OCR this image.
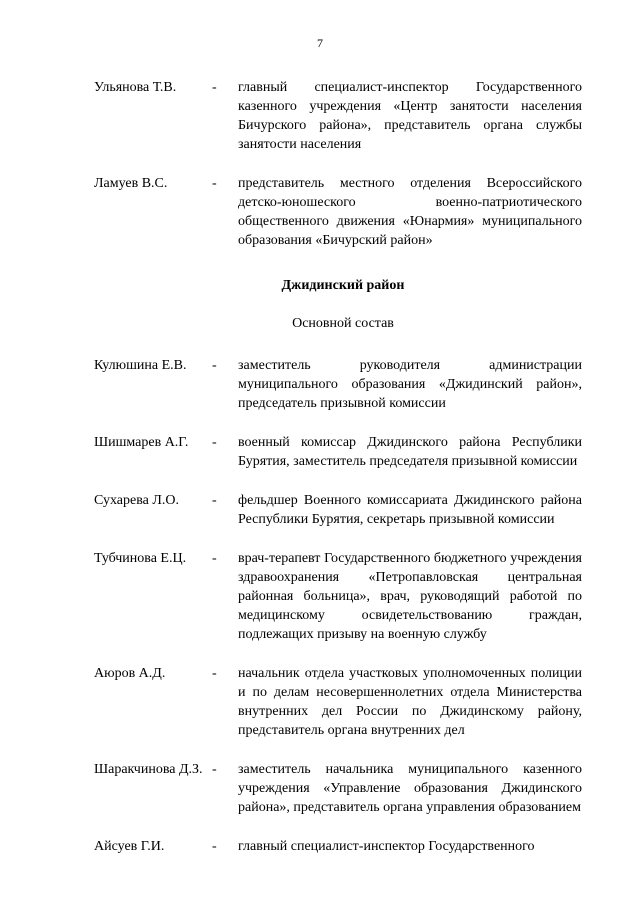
7
Ульянова Т.В.	-	главный специалист-инспектор Государственного казенного учреждения «Центр занятости населения Бичурского района», представитель органа службы занятости населения
Ламуев В.С.	-	представитель местного отделения Всероссийского детско-юношеского военно-патриотического общественного движения «Юнармия» муниципального образования «Бичурский район»
Джидинский район
Основной состав
Кулюшина Е.В.	-	заместитель руководителя администрации муниципального образования «Джидинский район», председатель призывной комиссии
Шишмарев А.Г.	-	военный комиссар Джидинского района Республики Бурятия, заместитель председателя призывной комиссии
Сухарева Л.О.	-	фельдшер Военного комиссариата Джидинского района Республики Бурятия, секретарь призывной комиссии
Тубчинова Е.Ц.	-	врач-терапевт Государственного бюджетного учреждения здравоохранения «Петропавловская центральная районная больница», врач, руководящий работой по медицинскому освидетельствованию граждан, подлежащих призыву на военную службу
Аюров А.Д.	-	начальник отдела участковых уполномоченных полиции и по делам несовершеннолетних отдела Министерства внутренних дел России по Джидинскому району, представитель органа внутренних дел
Шаракчинова Д.З. -	заместитель начальника муниципального казенного учреждения «Управление образования Джидинского района», представитель органа управления образованием
Айсуев Г.И.	-	главный специалист-инспектор Государственного
